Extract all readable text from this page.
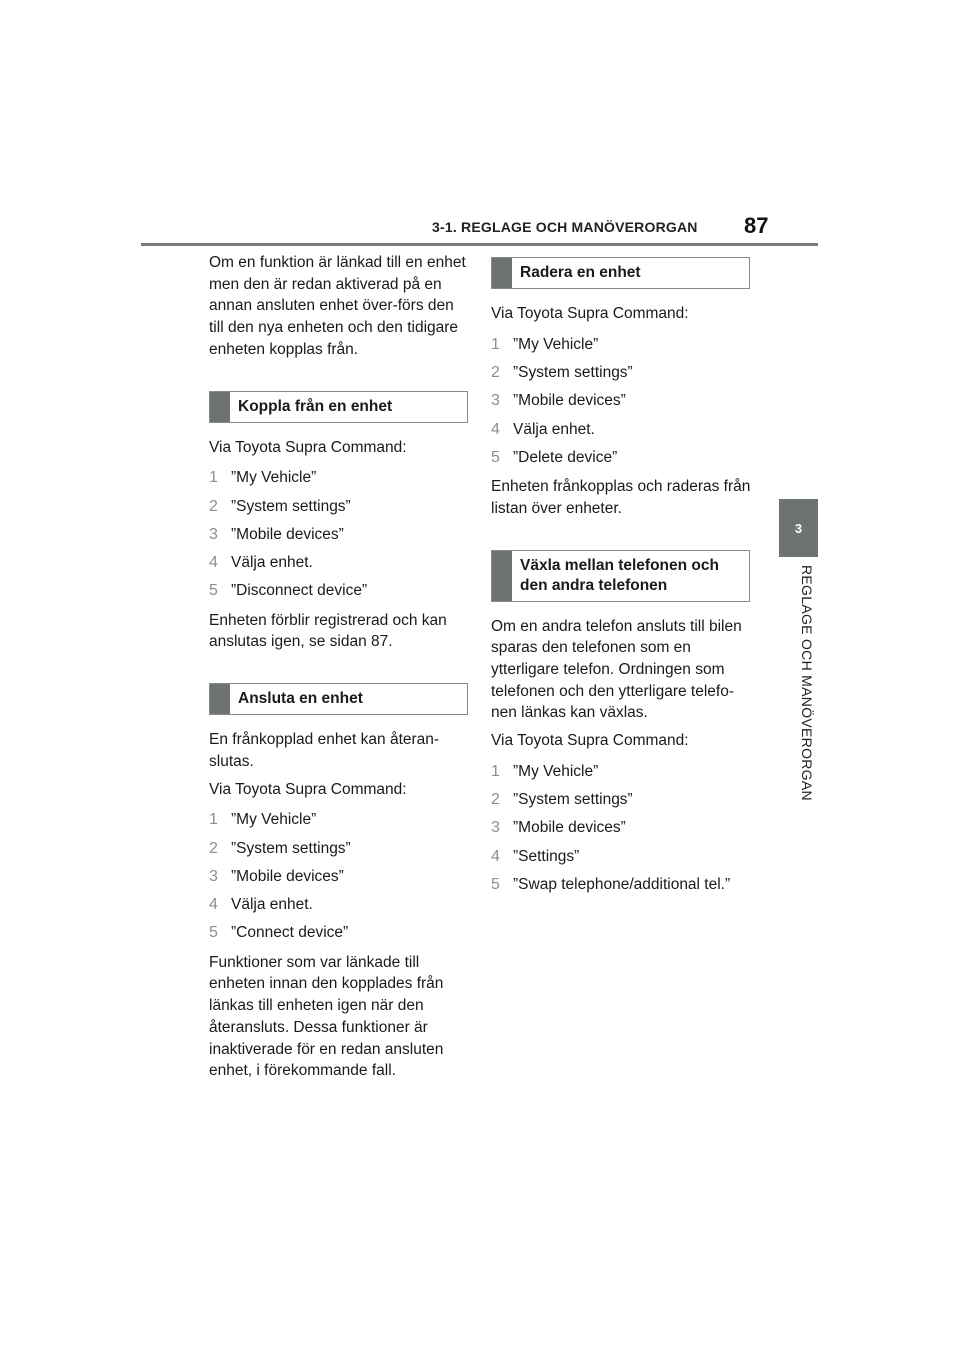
3-1. REGLAGE OCH MANÖVERORGAN 87
3
REGLAGE OCH MANÖVERORGAN

Om en funktion är länkad till en enhet men den är redan aktiverad på en annan ansluten enhet över-förs den till den nya enheten och den tidigare enheten kopplas från.

Koppla från en enhet

Via Toyota Supra Command:

1 ”My Vehicle”
2 ”System settings”
3 ”Mobile devices”
4 Välja enhet.
5 ”Disconnect device”

Enheten förblir registrerad och kan anslutas igen, se sidan 87.

Ansluta en enhet

En frånkopplad enhet kan återan-slutas.

Via Toyota Supra Command:

1 ”My Vehicle”
2 ”System settings”
3 ”Mobile devices”
4 Välja enhet.
5 ”Connect device”

Funktioner som var länkade till enheten innan den kopplades från länkas till enheten igen när den återansluts. Dessa funktioner är inaktiverade för en redan ansluten enhet, i förekommande fall.

Radera en enhet

Via Toyota Supra Command:

1 ”My Vehicle”
2 ”System settings”
3 ”Mobile devices”
4 Välja enhet.
5 ”Delete device”

Enheten frånkopplas och raderas från listan över enheter.

Växla mellan telefonen och den andra telefonen

Om en andra telefon ansluts till bilen sparas den telefonen som en ytterligare telefon. Ordningen som telefonen och den ytterligare telefo-nen länkas kan växlas.

Via Toyota Supra Command:

1 ”My Vehicle”
2 ”System settings”
3 ”Mobile devices”
4 ”Settings”
5 ”Swap telephone/additional tel.”
